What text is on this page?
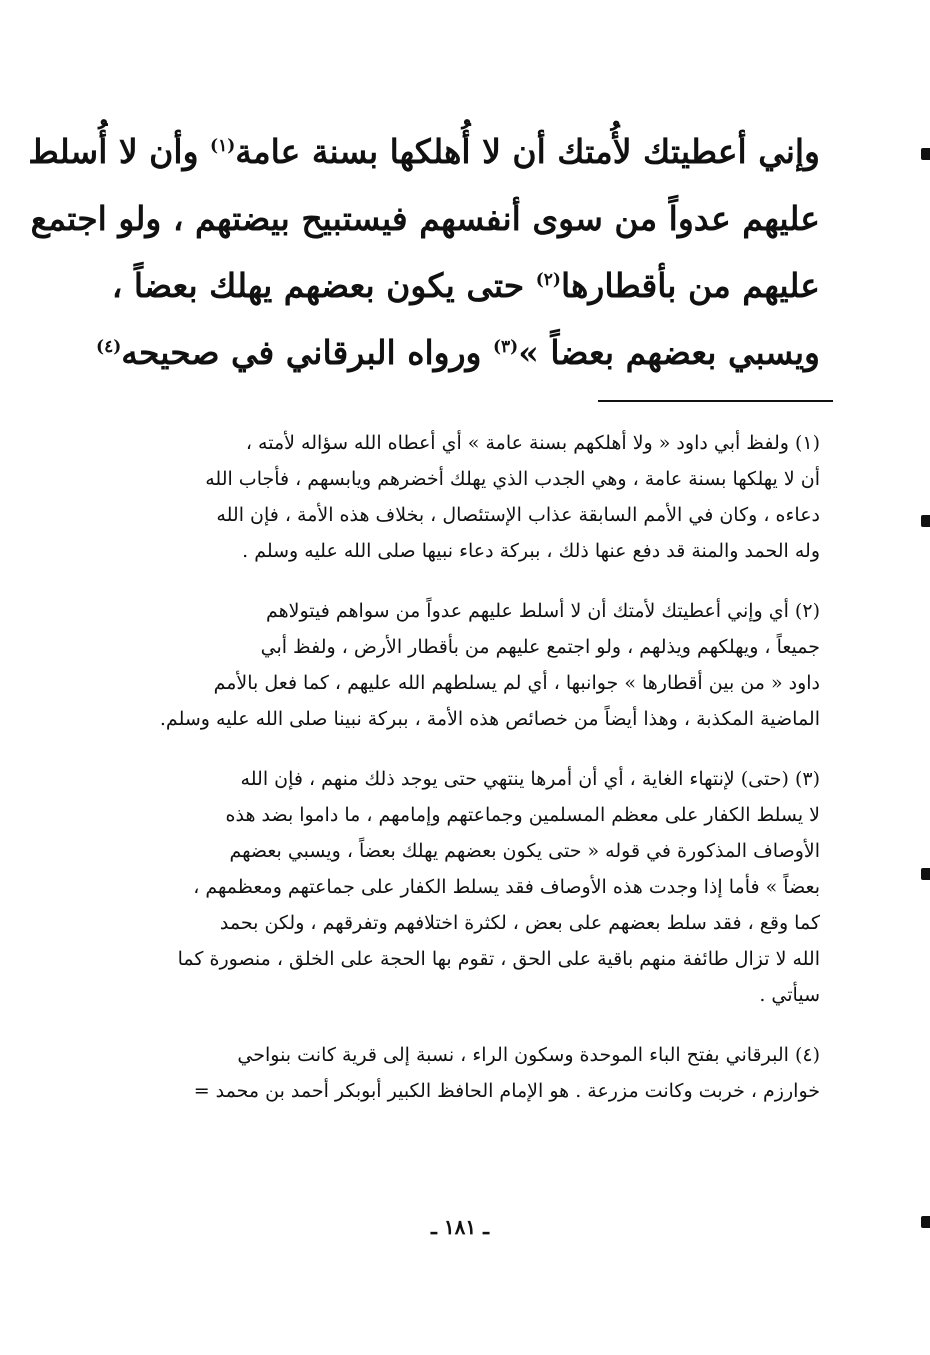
وإني أعطيتك لأُمتك أن لا أُهلكها بسنة عامة$^{(١)}$ وأن لا أُسلط
عليهم عدواً من سوى أنفسهم فيستبيح بيضتهم ، ولو اجتمع
عليهم من بأقطارها$^{(٢)}$ حتى يكون بعضهم يهلك بعضاً ،
ويسبي بعضهم بعضاً »$^{(٣)}$ ورواه البرقاني في صحيحه$^{(٤)}$
(١) ولفظ أبي داود « ولا أهلكهم بسنة عامة » أي أعطاه الله سؤاله لأمته ،
أن لا يهلكها بسنة عامة ، وهي الجدب الذي يهلك أخضرهم ويابسهم ، فأجاب الله
دعاءه ، وكان في الأمم السابقة عذاب الإستئصال ، بخلاف هذه الأمة ، فإن الله
وله الحمد والمنة قد دفع عنها ذلك ، ببركة دعاء نبيها صلى الله عليه وسلم .
(٢) أي وإني أعطيتك لأمتك أن لا أسلط عليهم عدواً من سواهم فيتولاهم
جميعاً ، ويهلكهم ويذلهم ، ولو اجتمع عليهم من بأقطار الأرض ، ولفظ أبي
داود « من بين أقطارها » جوانبها ، أي لم يسلطهم الله عليهم ، كما فعل بالأمم
الماضية المكذبة ، وهذا أيضاً من خصائص هذه الأمة ، ببركة نبينا صلى الله عليه وسلم.
(٣) (حتى) لإنتهاء الغاية ، أي أن أمرها ينتهي حتى يوجد ذلك منهم ، فإن الله
لا يسلط الكفار على معظم المسلمين وجماعتهم وإمامهم ، ما داموا بضد هذه
الأوصاف المذكورة في قوله « حتى يكون بعضهم يهلك بعضاً ، ويسبي بعضهم
بعضاً » فأما إذا وجدت هذه الأوصاف فقد يسلط الكفار على جماعتهم ومعظمهم ،
كما وقع ، فقد سلط بعضهم على بعض ، لكثرة اختلافهم وتفرقهم ، ولكن بحمد
الله لا تزال طائفة منهم باقية على الحق ، تقوم بها الحجة على الخلق ، منصورة كما
سيأتي .
(٤) البرقاني بفتح الباء الموحدة وسكون الراء ، نسبة إلى قرية كانت بنواحي
خوارزم ، خربت وكانت مزرعة . هو الإمام الحافظ الكبير أبوبكر أحمد بن محمد =
ـ ١٨١ ـ
